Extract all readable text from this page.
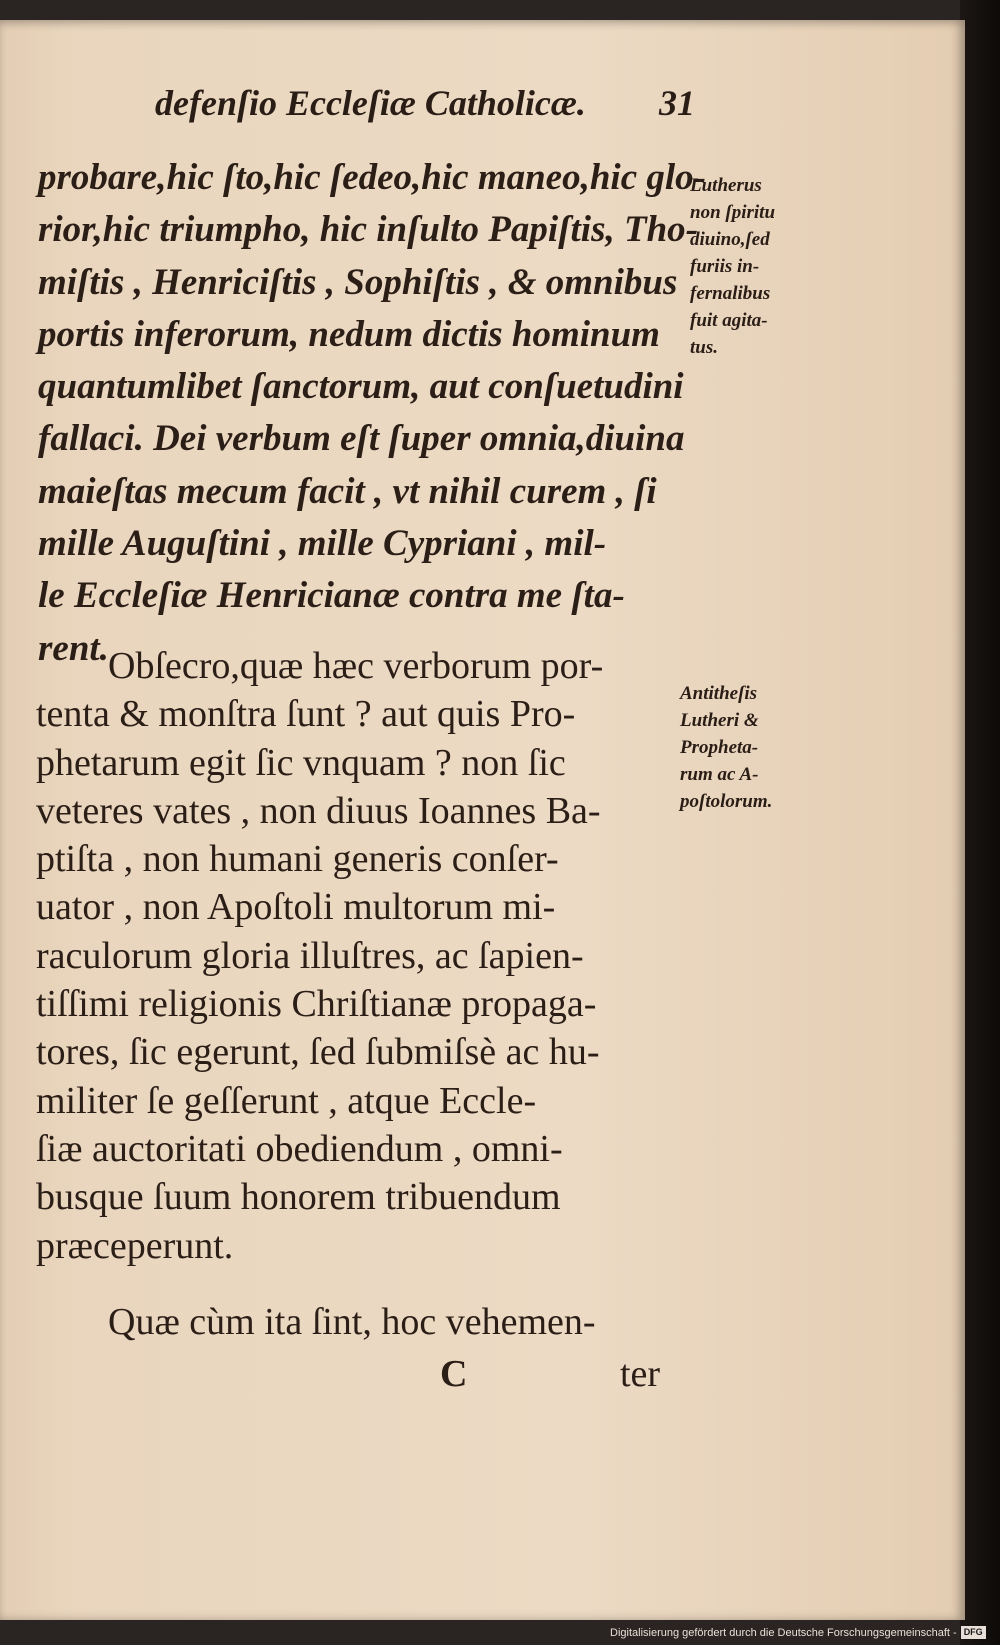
defenſio Eccleſiæ Catholicæ. 31

probare,hic ſto,hic ſedeo,hic maneo,hic glo-
rior,hic triumpho, hic inſulto Papiſtis, Tho-
miſtis , Henriciſtis , Sophiſtis , & omnibus
portis inferorum, nedum dictis hominum
quantumlibet ſanctorum, aut conſuetudini
fallaci. Dei verbum eſt ſuper omnia,diuina
maieſtas mecum facit , vt nihil curem , ſi
mille Auguſtini , mille Cypriani , mil-
le Eccleſiæ Henricianæ contra me ſta-
rent. Obſecro,quæ hæc verborum por-
tenta & monſtra ſunt ? aut quis Pro-
phetarum egit ſic vnquam ? non ſic
veteres vates , non diuus Ioannes Ba-
ptiſta , non humani generis conſer-
uator , non Apoſtoli multorum mi-
raculorum gloria illuſtres, ac ſapien-
tiſſimi religionis Chriſtianæ propaga-
tores, ſic egerunt, ſed ſubmiſsè ac hu-
militer ſe geſſerunt , atque Eccle-
ſiæ auctoritati obediendum , omni-
busque ſuum honorem tribuendum
præceperunt.

Quæ cùm ita ſint, hoc vehemen-

C	ter

Lutherus
non ſpiritu
diuino,ſed
furiis in-
fernalibus
fuit agita-
tus.

Antitheſis
Lutheri &
Propheta-
rum ac A-
poſtolorum.

Digitalisierung gefördert durch die Deutsche Forschungsgemeinschaft - DFG
